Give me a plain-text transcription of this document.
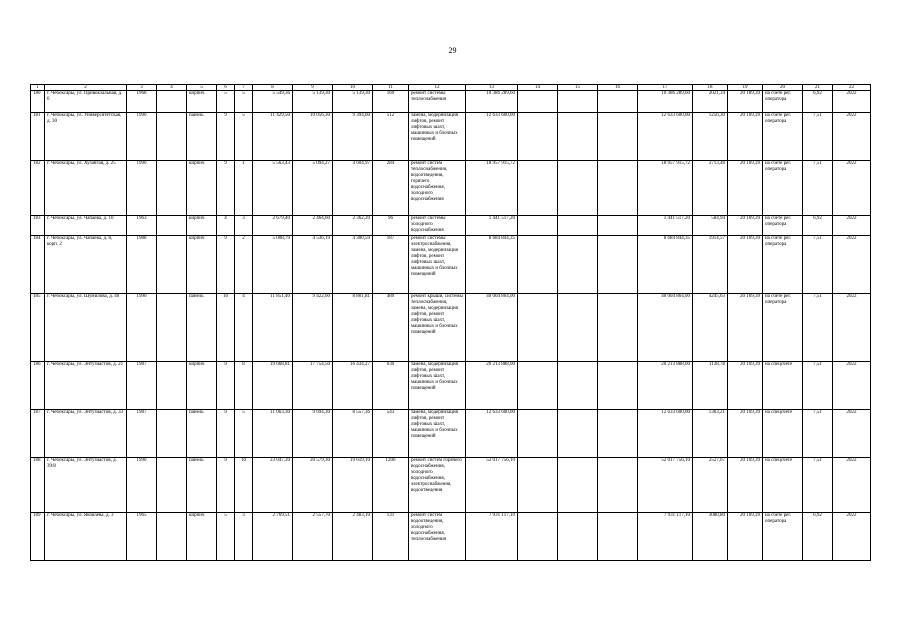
29
1	2	3	4	5	6	7	8	9	10	11	12	13	14	15	16	17	18	19	20	21	22
180	г. Чебоксары, ул. Привокзальная, д. 6	1968		кирпич	5	5	5 549,36	5 139,30	5 139,30	169	ремонт системы теплоснабжения	10 386 289,60				10 386 289,60	2021,34	20 189,39	на счете рег. оператора	6,92	2022
181	г. Чебоксары, ул. Университетская, д. 30	1990		панель	9	5	11 429,50	10 056,30	9 394,60	512	замена, модернизация лифтов, ремонт лифтовых шахт, машинных и блочных помещений	12 633 600,00				12 633 600,00	1256,30	20 169,39	на счете рег. оператора	7,51	2022
182	г. Чебоксары, ул. Хузангая, д. 25	1990		кирпич	9	1	5 563,43	5 094,27	4 604,97	284	ремонт систем теплоснабжения, водоотведения, горячего водоснабжения, холодного водоснабжения	18 957 915,72				18 957 915,72	3713,48	20 169,39	на счете рег. оператора	7,51	2022
183	г. Чебоксары, ул. Чапаева, д. 10	1963		кирпич	4	3	2 679,40	2 464,60	2 362,20	96	ремонт системы холодного водоснабжения	1 441 517,20				1 441 517,20	584,94	20 169,39	на счете рег. оператора	6,92	2022
184	г. Чебоксары, ул. Чапаева, д. 8, корп. 2	1988		кирпич	9	2	5 008,79	4 536,19	4 300,59	187	ремонт системы электроснабжения, замена, модернизация лифтов, ремонт лифтовых шахт, машинных и блочных помещений	8 684 844,35				8 684 844,35	1914,57	20 169,39	на счете рег. оператора	7,51	2022
185	г. Чебоксары, ул. Шумилова, д. 40	1990		панель	10	4	11 851,40	9 422,60	8 801,81	489	ремонт крыши, системы теплоснабжения, замена, модернизация лифтов, ремонт лифтовых шахт, машинных и блочных помещений	40 004 864,00				40 004 864,00	4245,63	20 169,39	на счете рег. оператора	7,51	2022
186	г. Чебоксары, ул. Энтузиастов, д. 21	1987		кирпич	9	8	19 668,81	17 754,50	16 434,27	639	замена, модернизация лифтов, ремонт лифтовых шахт, машинных и блочных помещений	20 213 888,00				20 213 888,00	1138,78	20 169,39	на спецсчете	7,51	2022
187	г. Чебоксары, ул. Энтузиастов, д. 33	1987		панель	9	5	11 063,30	9 694,30	8 557,36	543	замена, модернизация лифтов, ремонт лифтовых шахт, машинных и блочных помещений	12 633 600,00				12 633 600,00	1303,21	20 169,39	на спецсчете	7,51	2022
188	г. Чебоксары, ул. Энтузиастов, д. 39/8	1990		панель	9	10	23 047,20	20 579,30	19 619,10	1206	ремонт систем горячего водоснабжения, холодного водоснабжения, электроснабжения, водоотведения	52 017 756,10				52 017 756,10	2527,67	20 169,39	на спецсчете	7,51	2022
189	г. Чебоксары, ул. Яковлева, д. 3	1965		кирпич	5	3	2 769,51	2 557,70	2 483,10	131	ремонт систем водоотведения, холодного водоснабжения, теплоснабжения	7 931 117,10				7 931 117,10	3080,80	20 169,39	на счете рег. оператора	6,92	2022
